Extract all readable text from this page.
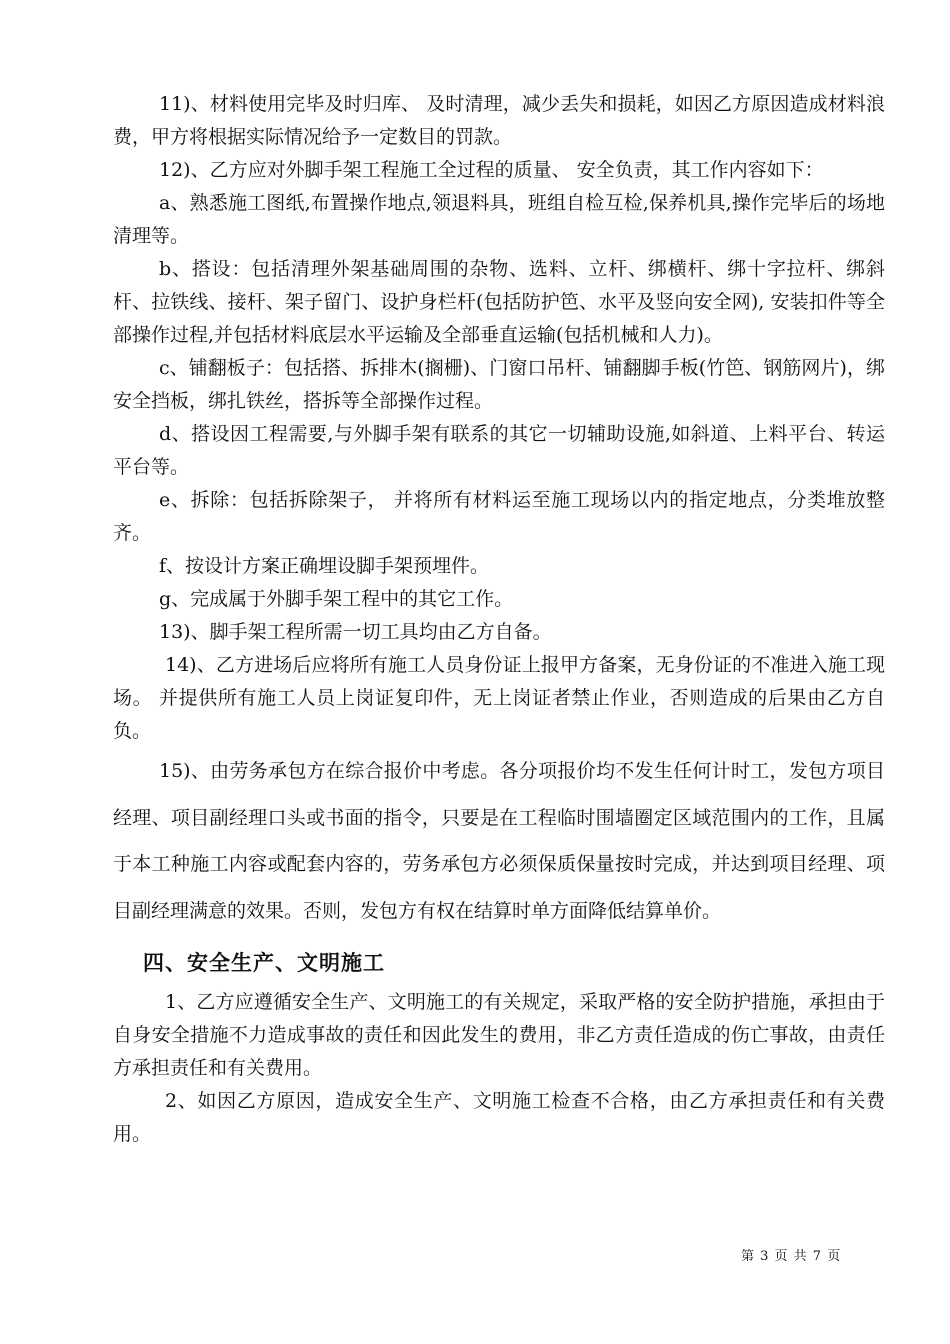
11)、材料使用完毕及时归库、 及时清理，减少丢失和损耗，如因乙方原因造成材料浪费，甲方将根据实际情况给予一定数目的罚款。

12)、乙方应对外脚手架工程施工全过程的质量、 安全负责，其工作内容如下：

a、熟悉施工图纸,布置操作地点,领退料具，班组自检互检,保养机具,操作完毕后的场地清理等。

b、搭设：包括清理外架基础周围的杂物、选料、立杆、绑横杆、绑十字拉杆、绑斜杆、拉铁线、接杆、架子留门、设护身栏杆(包括防护笆、水平及竖向安全网), 安装扣件等全部操作过程,并包括材料底层水平运输及全部垂直运输(包括机械和人力)。

c、铺翻板子：包括搭、拆排木(搁栅)、门窗口吊杆、铺翻脚手板(竹笆、钢筋网片)，绑安全挡板，绑扎铁丝，搭拆等全部操作过程。

d、搭设因工程需要,与外脚手架有联系的其它一切辅助设施,如斜道、上料平台、转运平台等。

e、拆除：包括拆除架子， 并将所有材料运至施工现场以内的指定地点，分类堆放整齐。

f、按设计方案正确埋设脚手架预埋件。

g、完成属于外脚手架工程中的其它工作。

13)、脚手架工程所需一切工具均由乙方自备。

14)、乙方进场后应将所有施工人员身份证上报甲方备案，无身份证的不准进入施工现场。 并提供所有施工人员上岗证复印件，无上岗证者禁止作业，否则造成的后果由乙方自负。

15)、由劳务承包方在综合报价中考虑。各分项报价均不发生任何计时工，发包方项目经理、项目副经理口头或书面的指令，只要是在工程临时围墙圈定区域范围内的工作，且属于本工种施工内容或配套内容的，劳务承包方必须保质保量按时完成，并达到项目经理、项目副经理满意的效果。否则，发包方有权在结算时单方面降低结算单价。

四、安全生产、文明施工

1、乙方应遵循安全生产、文明施工的有关规定，采取严格的安全防护措施，承担由于自身安全措施不力造成事故的责任和因此发生的费用，非乙方责任造成的伤亡事故，由责任方承担责任和有关费用。

2、如因乙方原因，造成安全生产、文明施工检查不合格，由乙方承担责任和有关费用。

第 3 页 共 7 页
